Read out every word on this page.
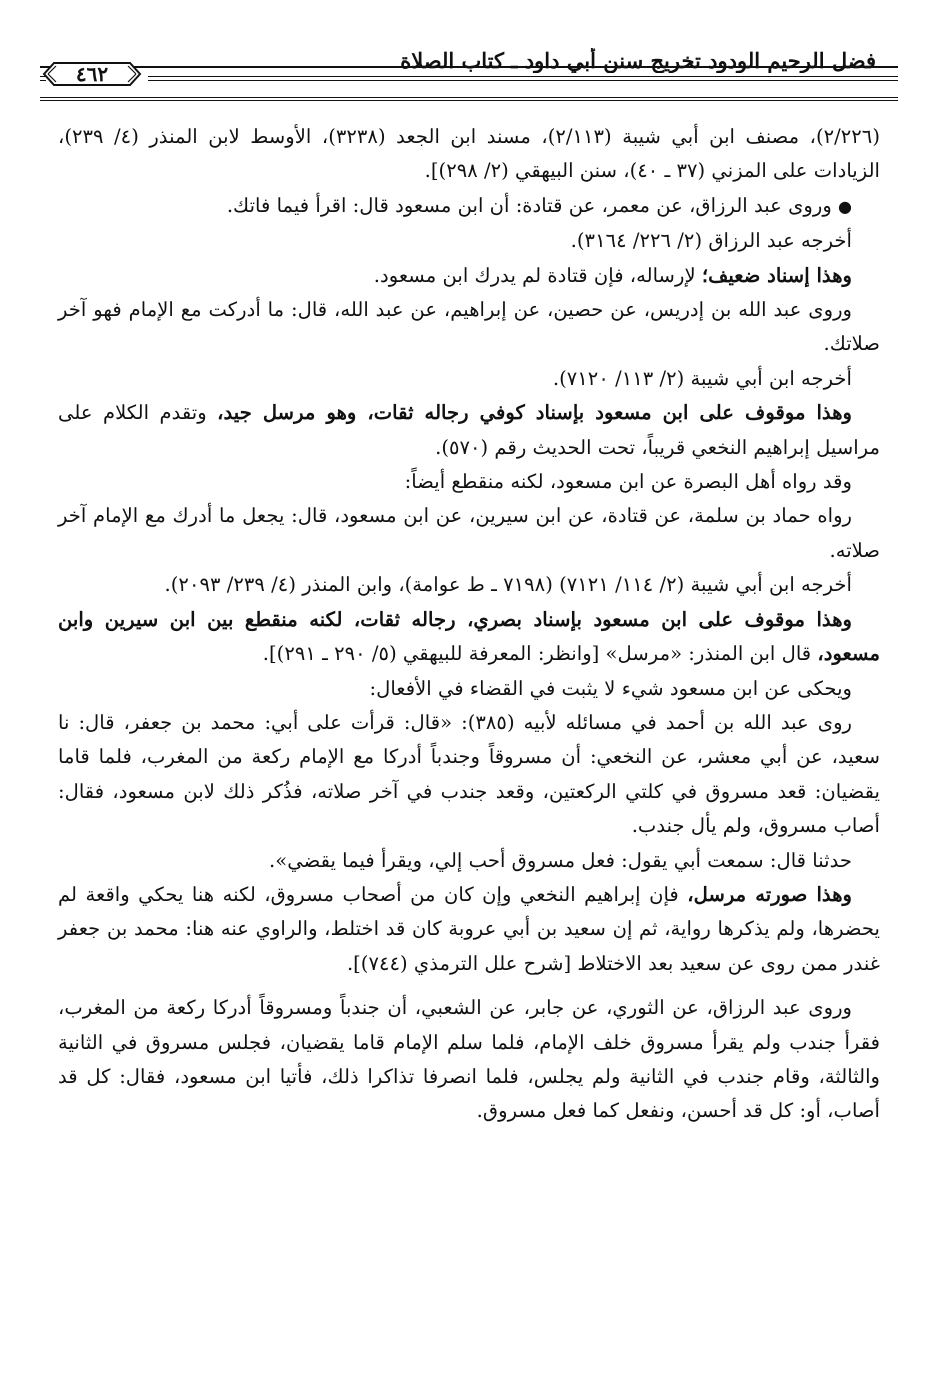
فضل الرحيم الودود تخريج سنن أبي داود ـ كتاب الصلاة
٤٦٢

(٢/٢٢٦)، مصنف ابن أبي شيبة (٢/١١٣)، مسند ابن الجعد (٣٢٣٨)، الأوسط لابن المنذر (٤/ ٢٣٩)، الزيادات على المزني (٣٧ ـ ٤٠)، سنن البيهقي (٢/ ٢٩٨)].

● وروى عبد الرزاق، عن معمر، عن قتادة: أن ابن مسعود قال: اقرأ فيما فاتك.

أخرجه عبد الرزاق (٢/ ٢٢٦/ ٣١٦٤).

وهذا إسناد ضعيف؛ لإرساله، فإن قتادة لم يدرك ابن مسعود.

وروى عبد الله بن إدريس، عن حصين، عن إبراهيم، عن عبد الله، قال: ما أدركت مع الإمام فهو آخر صلاتك.

أخرجه ابن أبي شيبة (٢/ ١١٣/ ٧١٢٠).

وهذا موقوف على ابن مسعود بإسناد كوفي رجاله ثقات، وهو مرسل جيد، وتقدم الكلام على مراسيل إبراهيم النخعي قريباً، تحت الحديث رقم (٥٧٠).

وقد رواه أهل البصرة عن ابن مسعود، لكنه منقطع أيضاً:

رواه حماد بن سلمة، عن قتادة، عن ابن سيرين، عن ابن مسعود، قال: يجعل ما أدرك مع الإمام آخر صلاته.

أخرجه ابن أبي شيبة (٢/ ١١٤/ ٧١٢١) (٧١٩٨ ـ ط عوامة)، وابن المنذر (٤/ ٢٣٩/ ٢٠٩٣).

وهذا موقوف على ابن مسعود بإسناد بصري، رجاله ثقات، لكنه منقطع بين ابن سيرين وابن مسعود، قال ابن المنذر: «مرسل» [وانظر: المعرفة للبيهقي (٥/ ٢٩٠ ـ ٢٩١)].

ويحكى عن ابن مسعود شيء لا يثبت في القضاء في الأفعال:

روى عبد الله بن أحمد في مسائله لأبيه (٣٨٥): «قال: قرأت على أبي: محمد بن جعفر، قال: نا سعيد، عن أبي معشر، عن النخعي: أن مسروقاً وجندباً أدركا مع الإمام ركعة من المغرب، فلما قاما يقضيان: قعد مسروق في كلتي الركعتين، وقعد جندب في آخر صلاته، فذُكر ذلك لابن مسعود، فقال: أصاب مسروق، ولم يأل جندب.

حدثنا قال: سمعت أبي يقول: فعل مسروق أحب إلي، ويقرأ فيما يقضي».

وهذا صورته مرسل، فإن إبراهيم النخعي وإن كان من أصحاب مسروق، لكنه هنا يحكي واقعة لم يحضرها، ولم يذكرها رواية، ثم إن سعيد بن أبي عروبة كان قد اختلط، والراوي عنه هنا: محمد بن جعفر غندر ممن روى عن سعيد بعد الاختلاط [شرح علل الترمذي (٧٤٤)].

وروى عبد الرزاق، عن الثوري، عن جابر، عن الشعبي، أن جندباً ومسروقاً أدركا ركعة من المغرب، فقرأ جندب ولم يقرأ مسروق خلف الإمام، فلما سلم الإمام قاما يقضيان، فجلس مسروق في الثانية والثالثة، وقام جندب في الثانية ولم يجلس، فلما انصرفا تذاكرا ذلك، فأتيا ابن مسعود، فقال: كل قد أصاب، أو: كل قد أحسن، ونفعل كما فعل مسروق.
